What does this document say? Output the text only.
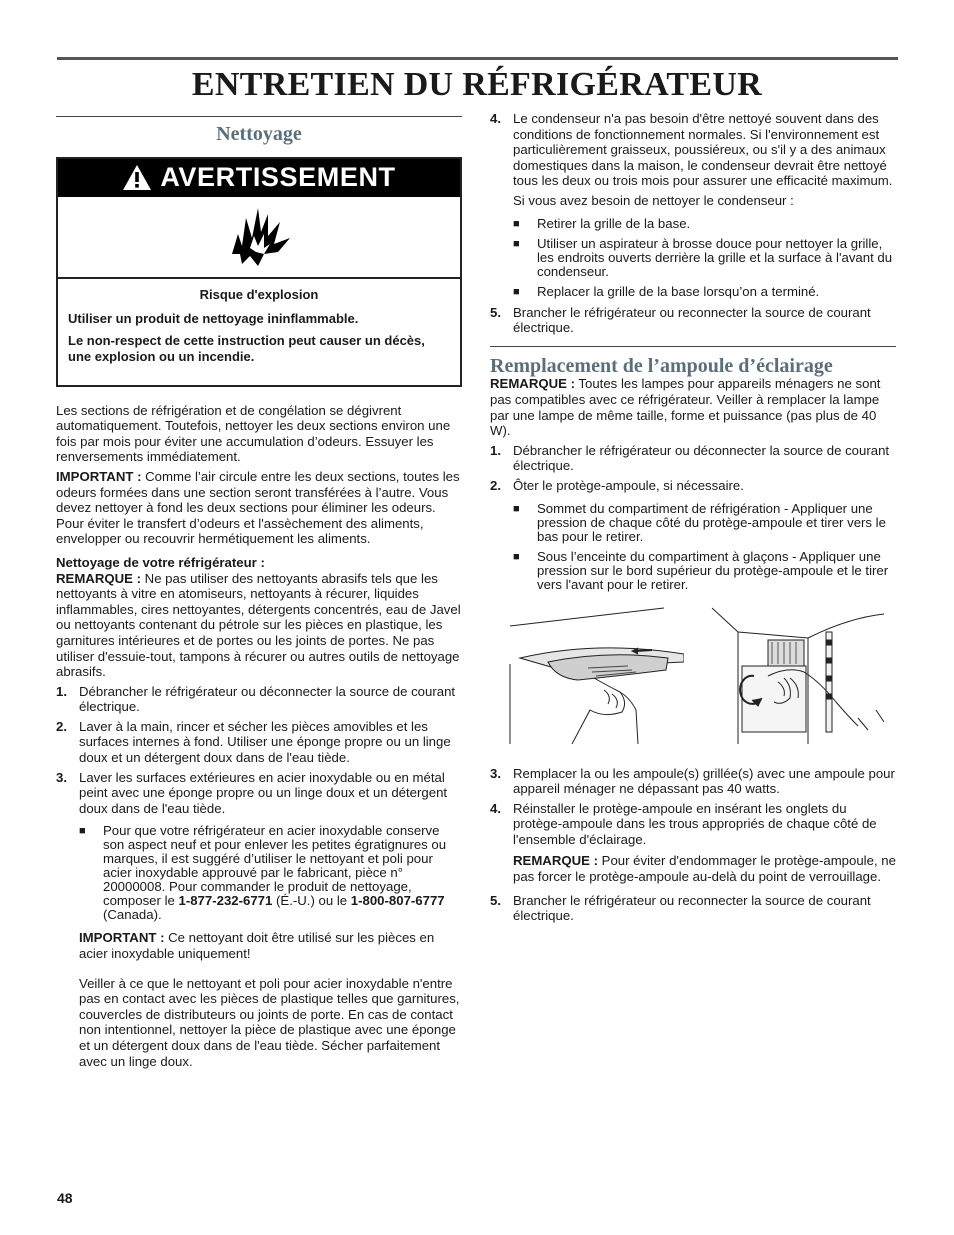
ENTRETIEN DU RÉFRIGÉRATEUR
Nettoyage
AVERTISSEMENT
Risque d'explosion

Utiliser un produit de nettoyage ininflammable.

Le non-respect de cette instruction peut causer un décès, une explosion ou un incendie.

Les sections de réfrigération et de congélation se dégivrent automatiquement. Toutefois, nettoyer les deux sections environ une fois par mois pour éviter une accumulation d’odeurs. Essuyer les renversements immédiatement.

IMPORTANT : Comme l’air circule entre les deux sections, toutes les odeurs formées dans une section seront transférées à l’autre. Vous devez nettoyer à fond les deux sections pour éliminer les odeurs. Pour éviter le transfert d’odeurs et l'assèchement des aliments, envelopper ou recouvrir hermétiquement les aliments.

Nettoyage de votre réfrigérateur :

REMARQUE : Ne pas utiliser des nettoyants abrasifs tels que les nettoyants à vitre en atomiseurs, nettoyants à récurer, liquides inflammables, cires nettoyantes, détergents concentrés, eau de Javel ou nettoyants contenant du pétrole sur les pièces en plastique, les garnitures intérieures et de portes ou les joints de portes. Ne pas utiliser d'essuie-tout, tampons à récurer ou autres outils de nettoyage abrasifs.

1. Débrancher le réfrigérateur ou déconnecter la source de courant électrique.
2. Laver à la main, rincer et sécher les pièces amovibles et les surfaces internes à fond. Utiliser une éponge propre ou un linge doux et un détergent doux dans de l'eau tiède.
3. Laver les surfaces extérieures en acier inoxydable ou en métal peint avec une éponge propre ou un linge doux et un détergent doux dans de l'eau tiède.
■ Pour que votre réfrigérateur en acier inoxydable conserve son aspect neuf et pour enlever les petites égratignures ou marques, il est suggéré d’utiliser le nettoyant et poli pour acier inoxydable approuvé par le fabricant, pièce n° 20000008. Pour commander le produit de nettoyage, composer le 1-877-232-6771 (É.-U.) ou le 1-800-807-6777 (Canada).

IMPORTANT : Ce nettoyant doit être utilisé sur les pièces en acier inoxydable uniquement!

Veiller à ce que le nettoyant et poli pour acier inoxydable n'entre pas en contact avec les pièces de plastique telles que garnitures, couvercles de distributeurs ou joints de porte. En cas de contact non intentionnel, nettoyer la pièce de plastique avec une éponge et un détergent doux dans de l'eau tiède. Sécher parfaitement avec un linge doux.

4. Le condenseur n'a pas besoin d'être nettoyé souvent dans des conditions de fonctionnement normales. Si l'environnement est particulièrement graisseux, poussiéreux, ou s'il y a des animaux domestiques dans la maison, le condenseur devrait être nettoyé tous les deux ou trois mois pour assurer une efficacité maximum.

Si vous avez besoin de nettoyer le condenseur :

■ Retirer la grille de la base.
■ Utiliser un aspirateur à brosse douce pour nettoyer la grille, les endroits ouverts derrière la grille et la surface à l'avant du condenseur.
■ Replacer la grille de la base lorsqu’on a terminé.
5. Brancher le réfrigérateur ou reconnecter la source de courant électrique.
Remplacement de l’ampoule d’éclairage

REMARQUE : Toutes les lampes pour appareils ménagers ne sont pas compatibles avec ce réfrigérateur. Veiller à remplacer la lampe par une lampe de même taille, forme et puissance (pas plus de 40 W).

1. Débrancher le réfrigérateur ou déconnecter la source de courant électrique.
2. Ôter le protège-ampoule, si nécessaire.
■ Sommet du compartiment de réfrigération - Appliquer une pression de chaque côté du protège-ampoule et tirer vers le bas pour le retirer.
■ Sous l’enceinte du compartiment à glaçons - Appliquer une pression sur le bord supérieur du protège-ampoule et le tirer vers l'avant pour le retirer.
3. Remplacer la ou les ampoule(s) grillée(s) avec une ampoule pour appareil ménager ne dépassant pas 40 watts.
4. Réinstaller le protège-ampoule en insérant les onglets du protège-ampoule dans les trous appropriés de chaque côté de l'ensemble d'éclairage.

REMARQUE : Pour éviter d'endommager le protège-ampoule, ne pas forcer le protège-ampoule au-delà du point de verrouillage.

5. Brancher le réfrigérateur ou reconnecter la source de courant électrique.
48
